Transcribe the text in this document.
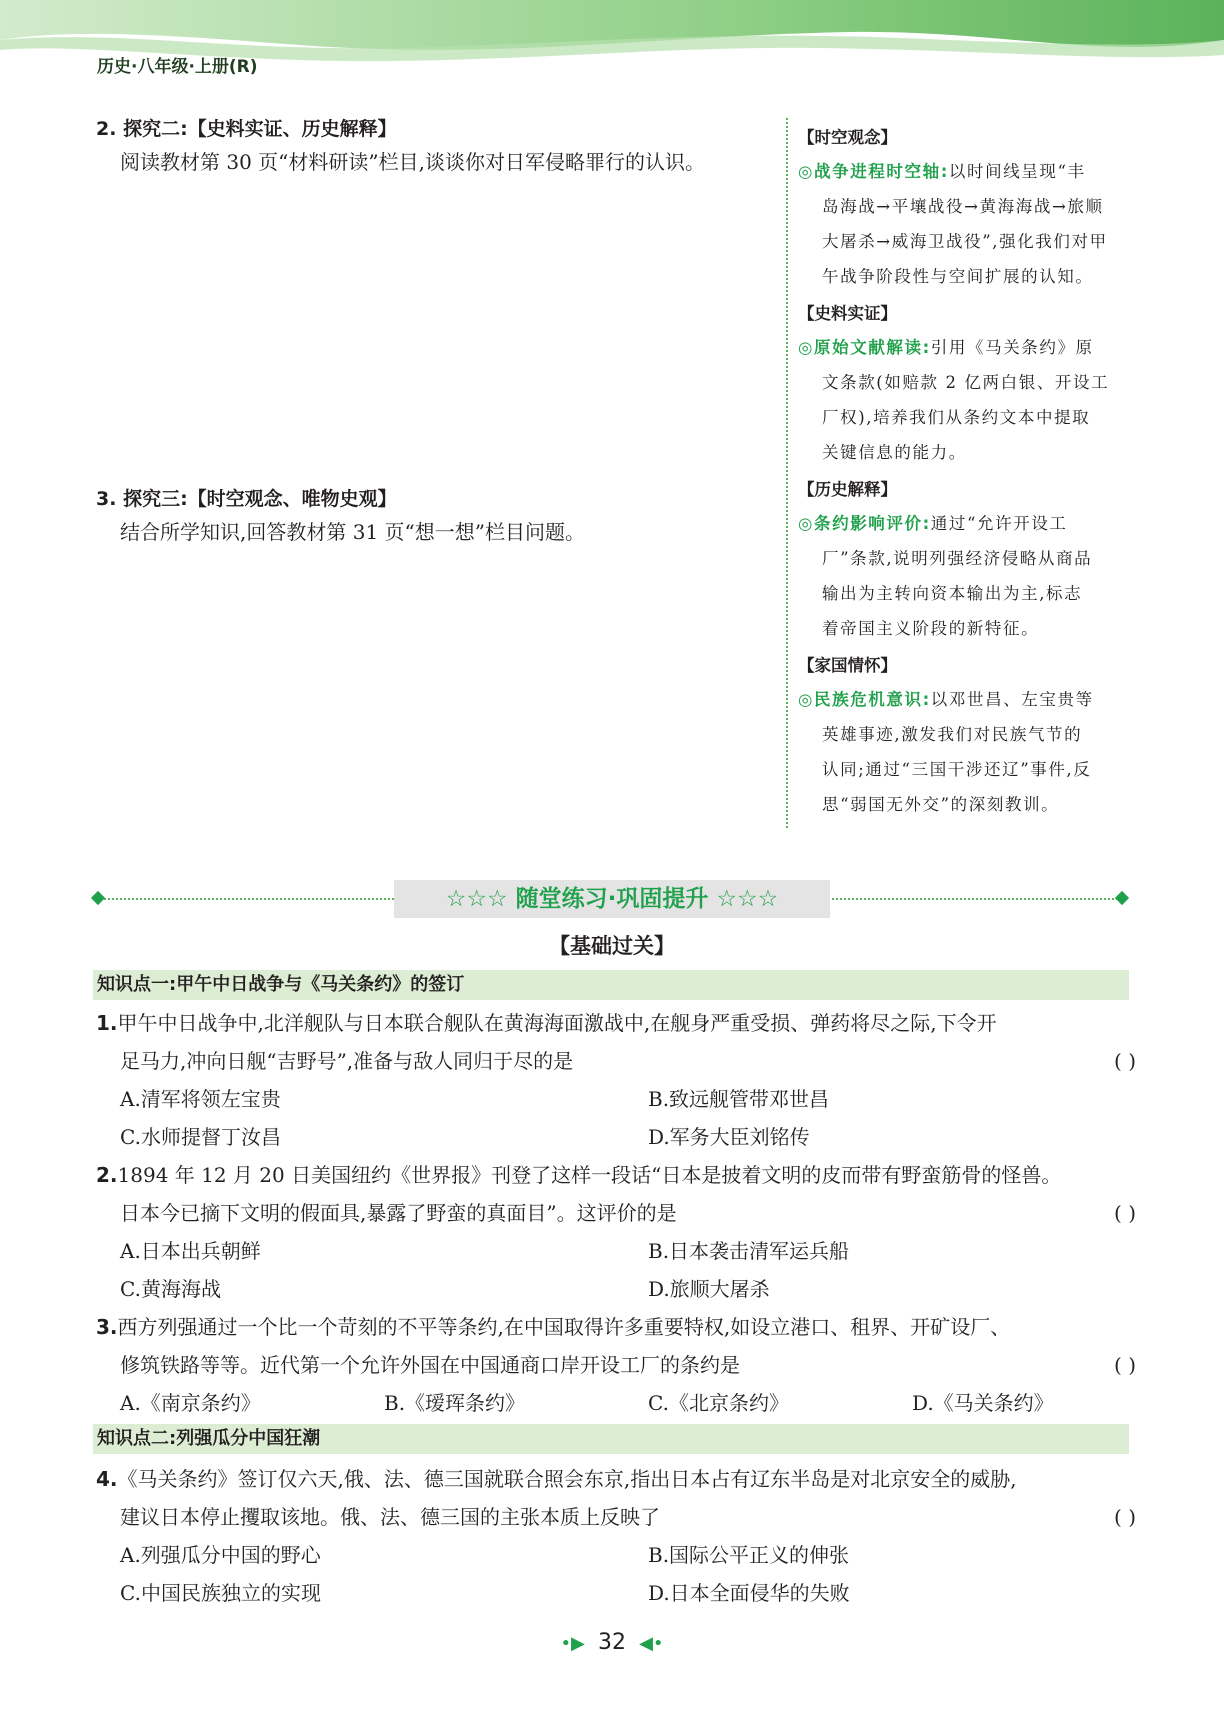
历史·八年级·上册(R)
2. 探究二:【史料实证、历史解释】
阅读教材第 30 页“材料研读”栏目,谈谈你对日军侵略罪行的认识。
3. 探究三:【时空观念、唯物史观】
结合所学知识,回答教材第 31 页“想一想”栏目问题。
【时空观念】
◎战争进程时空轴:以时间线呈现“丰
岛海战→平壤战役→黄海海战→旅顺
大屠杀→威海卫战役”,强化我们对甲
午战争阶段性与空间扩展的认知。
【史料实证】
◎原始文献解读:引用《马关条约》原
文条款(如赔款 2 亿两白银、开设工
厂权),培养我们从条约文本中提取
关键信息的能力。
【历史解释】
◎条约影响评价:通过“允许开设工
厂”条款,说明列强经济侵略从商品
输出为主转向资本输出为主,标志
着帝国主义阶段的新特征。
【家国情怀】
◎民族危机意识:以邓世昌、左宝贵等
英雄事迹,激发我们对民族气节的
认同;通过“三国干涉还辽”事件,反
思“弱国无外交”的深刻教训。
☆☆☆ 随堂练习·巩固提升 ☆☆☆
【基础过关】
知识点一:甲午中日战争与《马关条约》的签订
1.甲午中日战争中,北洋舰队与日本联合舰队在黄海海面激战中,在舰身严重受损、弹药将尽之际,下令开
足马力,冲向日舰“吉野号”,准备与敌人同归于尽的是	( )
A.清军将领左宝贵	B.致远舰管带邓世昌
C.水师提督丁汝昌	D.军务大臣刘铭传
2.1894 年 12 月 20 日美国纽约《世界报》刊登了这样一段话“日本是披着文明的皮而带有野蛮筋骨的怪兽。
日本今已摘下文明的假面具,暴露了野蛮的真面目”。这评价的是	( )
A.日本出兵朝鲜	B.日本袭击清军运兵船
C.黄海海战	D.旅顺大屠杀
3.西方列强通过一个比一个苛刻的不平等条约,在中国取得许多重要特权,如设立港口、租界、开矿设厂、
修筑铁路等等。近代第一个允许外国在中国通商口岸开设工厂的条约是	( )
A.《南京条约》	B.《瑷珲条约》	C.《北京条约》	D.《马关条约》
知识点二:列强瓜分中国狂潮
4.《马关条约》签订仅六天,俄、法、德三国就联合照会东京,指出日本占有辽东半岛是对北京安全的威胁,
建议日本停止攫取该地。俄、法、德三国的主张本质上反映了	( )
A.列强瓜分中国的野心	B.国际公平正义的伸张
C.中国民族独立的实现	D.日本全面侵华的失败
•▶ 32 ◀•
